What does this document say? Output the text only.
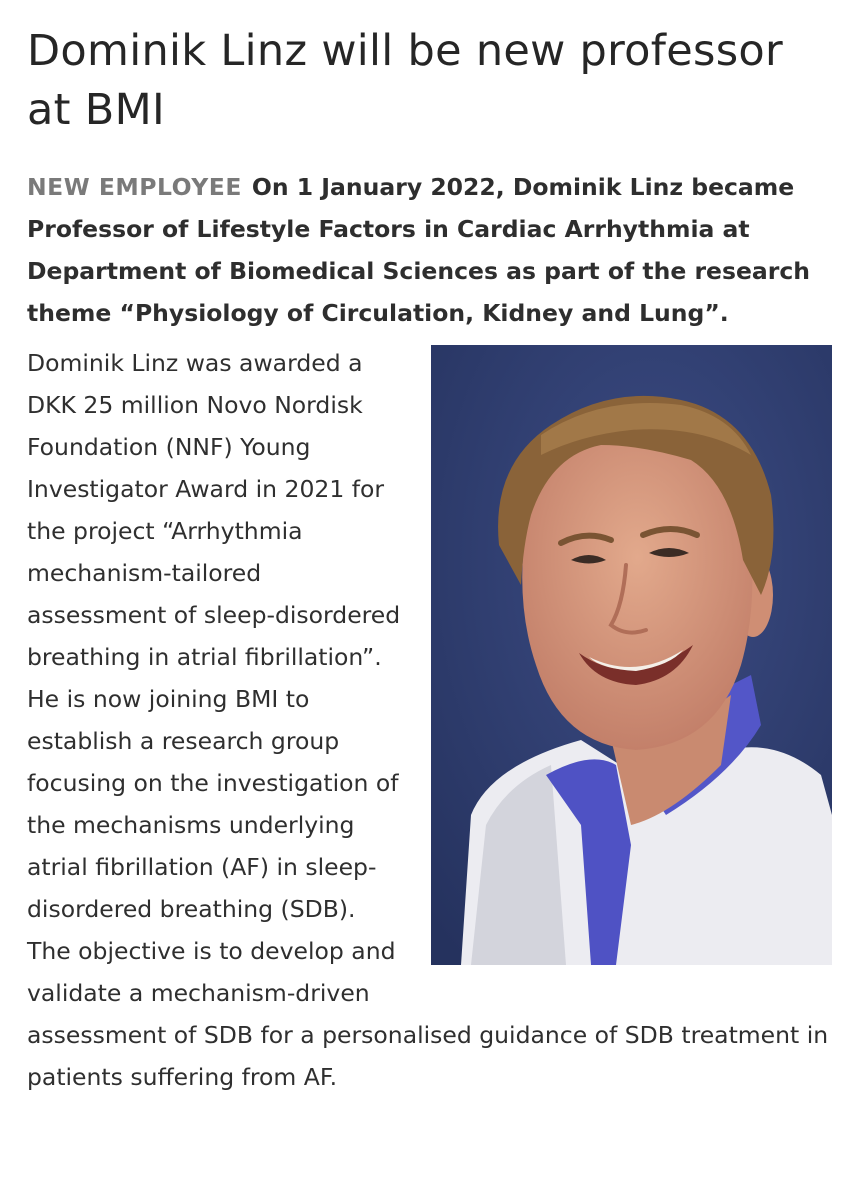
Dominik Linz will be new professor at BMI

NEW EMPLOYEE On 1 January 2022, Dominik Linz became Professor of Lifestyle Factors in Cardiac Arrhythmia at Department of Biomedical Sciences as part of the research theme “Physiology of Circulation, Kidney and Lung”.

Dominik Linz was awarded a DKK 25 million Novo Nordisk Foundation (NNF) Young Investigator Award in 2021 for the project “Arrhythmia mechanism-tailored assessment of sleep-disordered breathing in atrial fibrillation”. He is now joining BMI to establish a research group focusing on the investigation of the mechanisms underlying atrial fibrillation (AF) in sleep-disordered breathing (SDB). The objective is to develop and validate a mechanism-driven assessment of SDB for a personalised guidance of SDB treatment in patients suffering from AF.
